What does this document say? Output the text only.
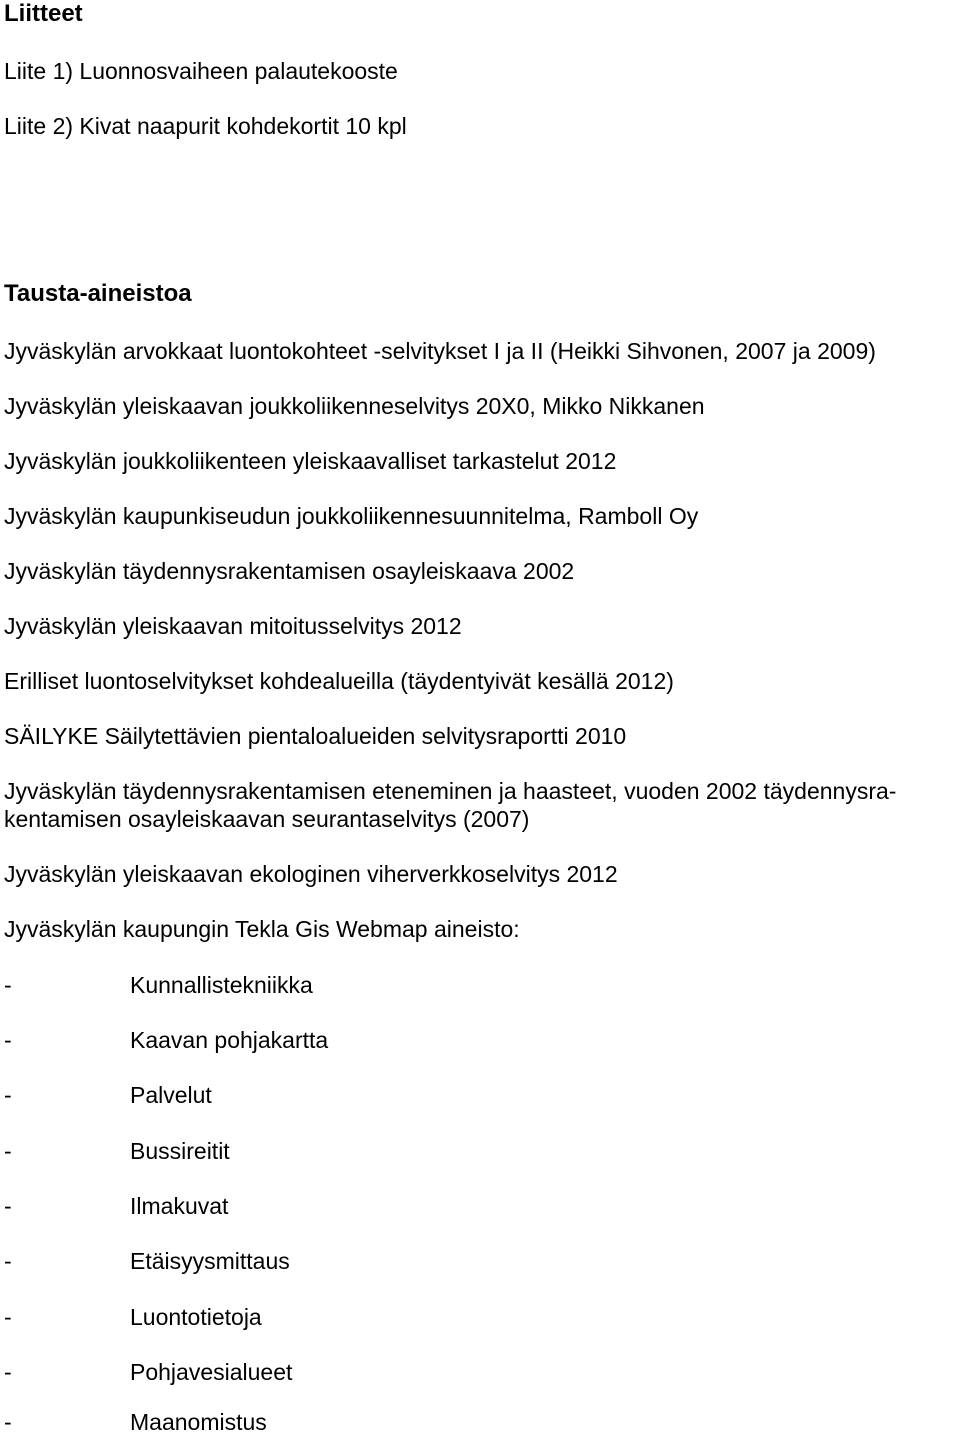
Liitteet

Liite 1) Luonnosvaiheen palautekooste

Liite 2) Kivat naapurit kohdekortit 10 kpl

Tausta-aineistoa

Jyväskylän arvokkaat luontokohteet -selvitykset I ja II (Heikki Sihvonen, 2007 ja 2009)

Jyväskylän yleiskaavan joukkoliikenneselvitys 20X0, Mikko Nikkanen

Jyväskylän joukkoliikenteen yleiskaavalliset tarkastelut 2012

Jyväskylän kaupunkiseudun joukkoliikennesuunnitelma, Ramboll Oy

Jyväskylän täydennysrakentamisen osayleiskaava 2002

Jyväskylän yleiskaavan mitoitusselvitys 2012

Erilliset luontoselvitykset kohdealueilla (täydentyivät kesällä 2012)

SÄILYKE Säilytettävien pientaloalueiden selvitysraportti 2010

Jyväskylän täydennysrakentamisen eteneminen ja haasteet, vuoden 2002 täydennysra-

kentamisen osayleiskaavan seurantaselvitys (2007)

Jyväskylän yleiskaavan ekologinen viherverkkoselvitys 2012

Jyväskylän kaupungin Tekla Gis Webmap aineisto:

-	Kunnallistekniikka
-	Kaavan pohjakartta
-	Palvelut
-	Bussireitit
-	Ilmakuvat
-	Etäisyysmittaus
-	Luontotietoja
-	Pohjavesialueet
-	Maanomistus
